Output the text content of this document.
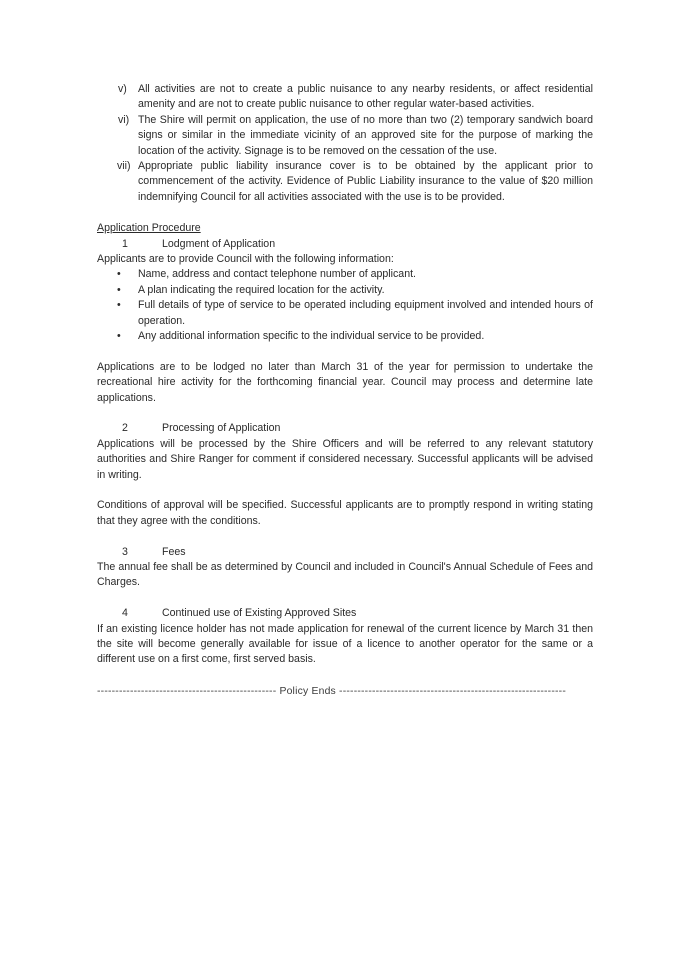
v) All activities are not to create a public nuisance to any nearby residents, or affect residential amenity and are not to create public nuisance to other regular water-based activities.
vi) The Shire will permit on application, the use of no more than two (2) temporary sandwich board signs or similar in the immediate vicinity of an approved site for the purpose of marking the location of the activity. Signage is to be removed on the cessation of the use.
vii) Appropriate public liability insurance cover is to be obtained by the applicant prior to commencement of the activity. Evidence of Public Liability insurance to the value of $20 million indemnifying Council for all activities associated with the use is to be provided.
Application Procedure
1	Lodgment of Application
Applicants are to provide Council with the following information:
• Name, address and contact telephone number of applicant.
• A plan indicating the required location for the activity.
• Full details of type of service to be operated including equipment involved and intended hours of operation.
• Any additional information specific to the individual service to be provided.
Applications are to be lodged no later than March 31 of the year for permission to undertake the recreational hire activity for the forthcoming financial year. Council may process and determine late applications.
2	Processing of Application
Applications will be processed by the Shire Officers and will be referred to any relevant statutory authorities and Shire Ranger for comment if considered necessary. Successful applicants will be advised in writing.
Conditions of approval will be specified. Successful applicants are to promptly respond in writing stating that they agree with the conditions.
3	Fees
The annual fee shall be as determined by Council and included in Council's Annual Schedule of Fees and Charges.
4	Continued use of Existing Approved Sites
If an existing licence holder has not made application for renewal of the current licence by March 31 then the site will become generally available for issue of a licence to another operator for the same or a different use on a first come, first served basis.
------------------------------------------------- Policy Ends --------------------------------------------------------------
